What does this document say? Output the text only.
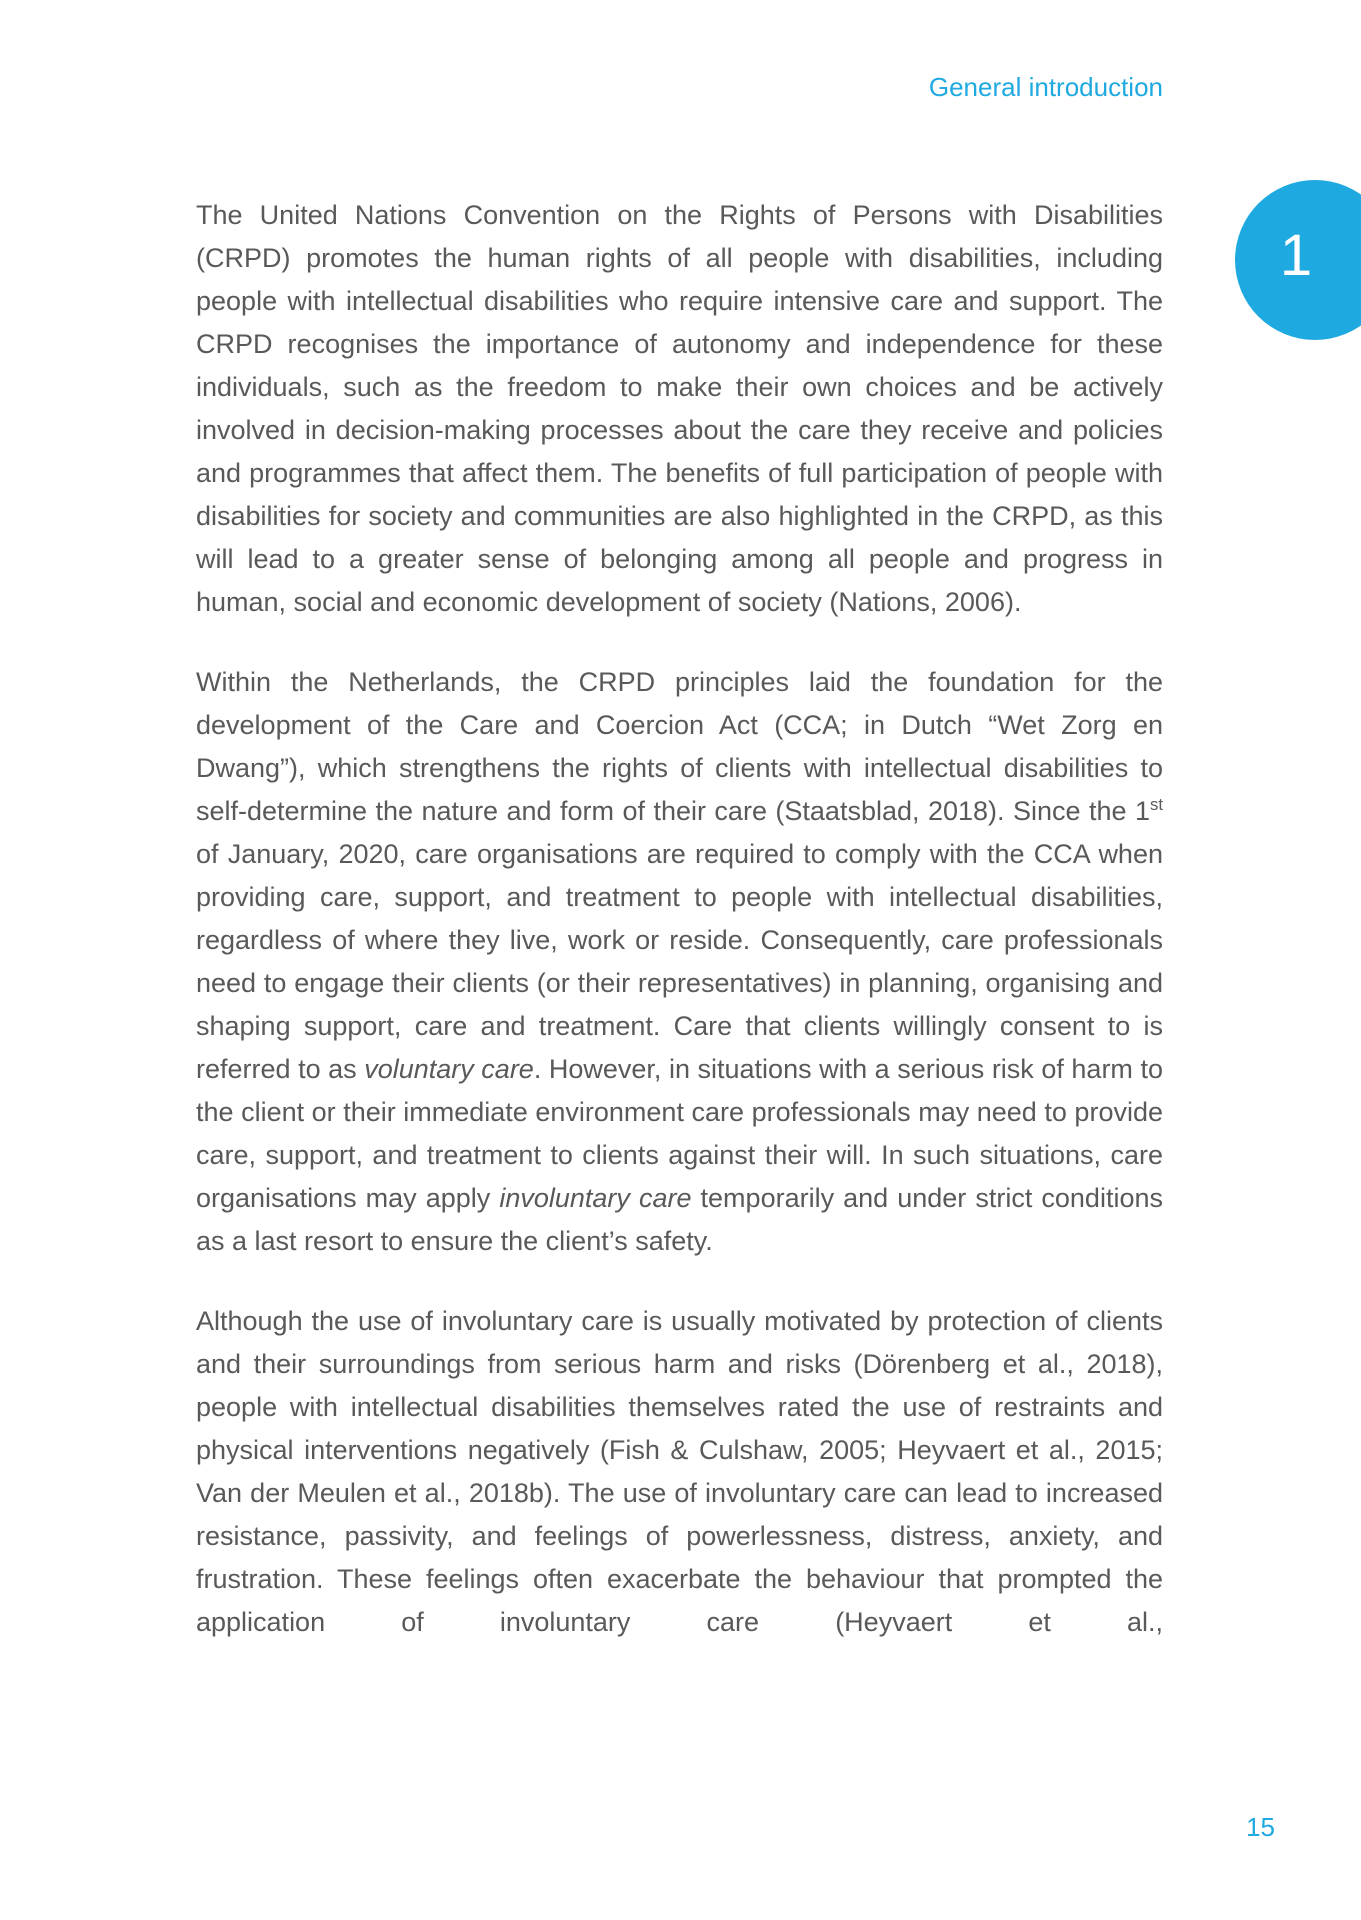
General introduction
1

The United Nations Convention on the Rights of Persons with Disabilities (CRPD) promotes the human rights of all people with disabilities, including people with intellectual disabilities who require intensive care and support. The CRPD recognises the importance of autonomy and independence for these individuals, such as the freedom to make their own choices and be actively involved in decision-making processes about the care they receive and policies and programmes that affect them. The benefits of full participation of people with disabilities for society and communities are also highlighted in the CRPD, as this will lead to a greater sense of belonging among all people and progress in human, social and economic development of society (Nations, 2006).

Within the Netherlands, the CRPD principles laid the foundation for the development of the Care and Coercion Act (CCA; in Dutch “Wet Zorg en Dwang”), which strengthens the rights of clients with intellectual disabilities to self-determine the nature and form of their care (Staatsblad, 2018). Since the 1st of January, 2020, care organisations are required to comply with the CCA when providing care, support, and treatment to people with intellectual disabilities, regardless of where they live, work or reside. Consequently, care professionals need to engage their clients (or their representatives) in planning, organising and shaping support, care and treatment. Care that clients willingly consent to is referred to as voluntary care. However, in situations with a serious risk of harm to the client or their immediate environment care professionals may need to provide care, support, and treatment to clients against their will. In such situations, care organisations may apply involuntary care temporarily and under strict conditions as a last resort to ensure the client’s safety.

Although the use of involuntary care is usually motivated by protection of clients and their surroundings from serious harm and risks (Dörenberg et al., 2018), people with intellectual disabilities themselves rated the use of restraints and physical interventions negatively (Fish & Culshaw, 2005; Heyvaert et al., 2015; Van der Meulen et al., 2018b). The use of involuntary care can lead to increased resistance, passivity, and feelings of powerlessness, distress, anxiety, and frustration. These feelings often exacerbate the behaviour that prompted the application of involuntary care (Heyvaert et al.,

15
